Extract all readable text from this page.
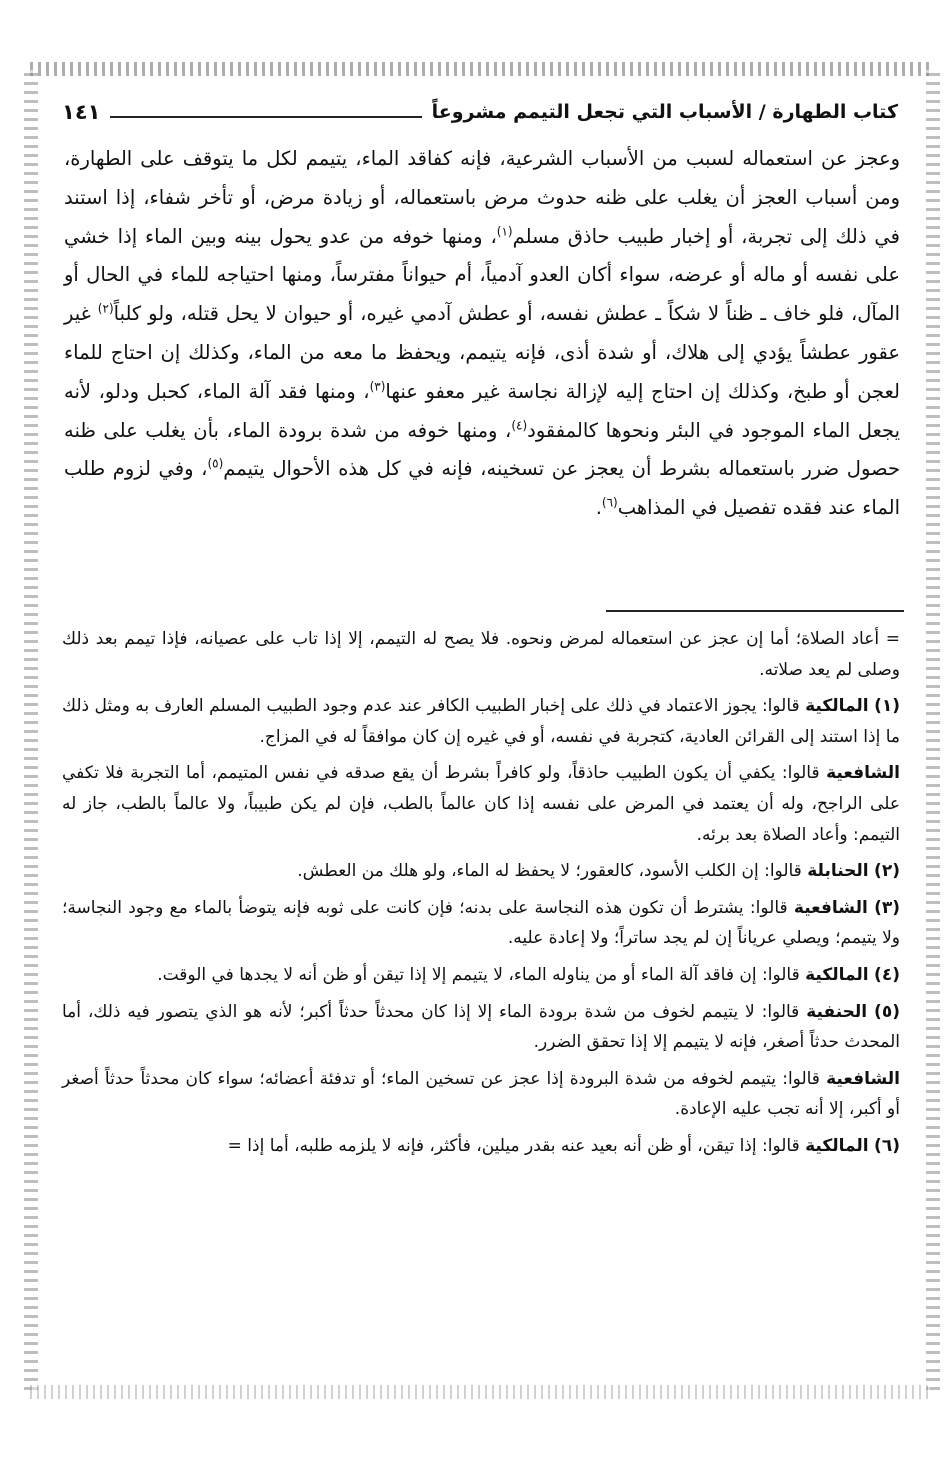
كتاب الطهارة / الأسباب التي تجعل التيمم مشروعاً
١٤١

وعجز عن استعماله لسبب من الأسباب الشرعية، فإنه كفاقد الماء، يتيمم لكل ما يتوقف على الطهارة، ومن أسباب العجز أن يغلب على ظنه حدوث مرض باستعماله، أو زيادة مرض، أو تأخر شفاء، إذا استند في ذلك إلى تجربة، أو إخبار طبيب حاذق مسلم$^{(١)}$، ومنها خوفه من عدو يحول بينه وبين الماء إذا خشي على نفسه أو ماله أو عرضه، سواء أكان العدو آدمياً، أم حيواناً مفترساً، ومنها احتياجه للماء في الحال أو المآل، فلو خاف ـ ظناً لا شكاً ـ عطش نفسه، أو عطش آدمي غيره، أو حيوان لا يحل قتله، ولو كلباً$^{(٢)}$ غير عقور عطشاً يؤدي إلى هلاك، أو شدة أذى، فإنه يتيمم، ويحفظ ما معه من الماء، وكذلك إن احتاج للماء لعجن أو طبخ، وكذلك إن احتاج إليه لإزالة نجاسة غير معفو عنها$^{(٣)}$، ومنها فقد آلة الماء، كحبل ودلو، لأنه يجعل الماء الموجود في البئر ونحوها كالمفقود$^{(٤)}$، ومنها خوفه من شدة برودة الماء، بأن يغلب على ظنه حصول ضرر باستعماله بشرط أن يعجز عن تسخينه، فإنه في كل هذه الأحوال يتيمم$^{(٥)}$، وفي لزوم طلب الماء عند فقده تفصيل في المذاهب$^{(٦)}$.

= أعاد الصلاة؛ أما إن عجز عن استعماله لمرض ونحوه. فلا يصح له التيمم، إلا إذا تاب على عصيانه، فإذا تيمم بعد ذلك وصلى لم يعد صلاته.

(١) المالكية قالوا: يجوز الاعتماد في ذلك على إخبار الطبيب الكافر عند عدم وجود الطبيب المسلم العارف به ومثل ذلك ما إذا استند إلى القرائن العادية، كتجربة في نفسه، أو في غيره إن كان موافقاً له في المزاج.

الشافعية قالوا: يكفي أن يكون الطبيب حاذقاً، ولو كافراً بشرط أن يقع صدقه في نفس المتيمم، أما التجربة فلا تكفي على الراجح، وله أن يعتمد في المرض على نفسه إذا كان عالماً بالطب، فإن لم يكن طبيباً، ولا عالماً بالطب، جاز له التيمم: وأعاد الصلاة بعد برئه.

(٢) الحنابلة قالوا: إن الكلب الأسود، كالعقور؛ لا يحفظ له الماء، ولو هلك من العطش.

(٣) الشافعية قالوا: يشترط أن تكون هذه النجاسة على بدنه؛ فإن كانت على ثوبه فإنه يتوضأ بالماء مع وجود النجاسة؛ ولا يتيمم؛ ويصلي عرياناً إن لم يجد ساتراً؛ ولا إعادة عليه.

(٤) المالكية قالوا: إن فاقد آلة الماء أو من يناوله الماء، لا يتيمم إلا إذا تيقن أو ظن أنه لا يجدها في الوقت.

(٥) الحنفية قالوا: لا يتيمم لخوف من شدة برودة الماء إلا إذا كان محدثاً حدثاً أكبر؛ لأنه هو الذي يتصور فيه ذلك، أما المحدث حدثاً أصغر، فإنه لا يتيمم إلا إذا تحقق الضرر.

الشافعية قالوا: يتيمم لخوفه من شدة البرودة إذا عجز عن تسخين الماء؛ أو تدفئة أعضائه؛ سواء كان محدثاً حدثاً أصغر أو أكبر، إلا أنه تجب عليه الإعادة.

(٦) المالكية قالوا: إذا تيقن، أو ظن أنه بعيد عنه بقدر ميلين، فأكثر، فإنه لا يلزمه طلبه، أما إذا =
